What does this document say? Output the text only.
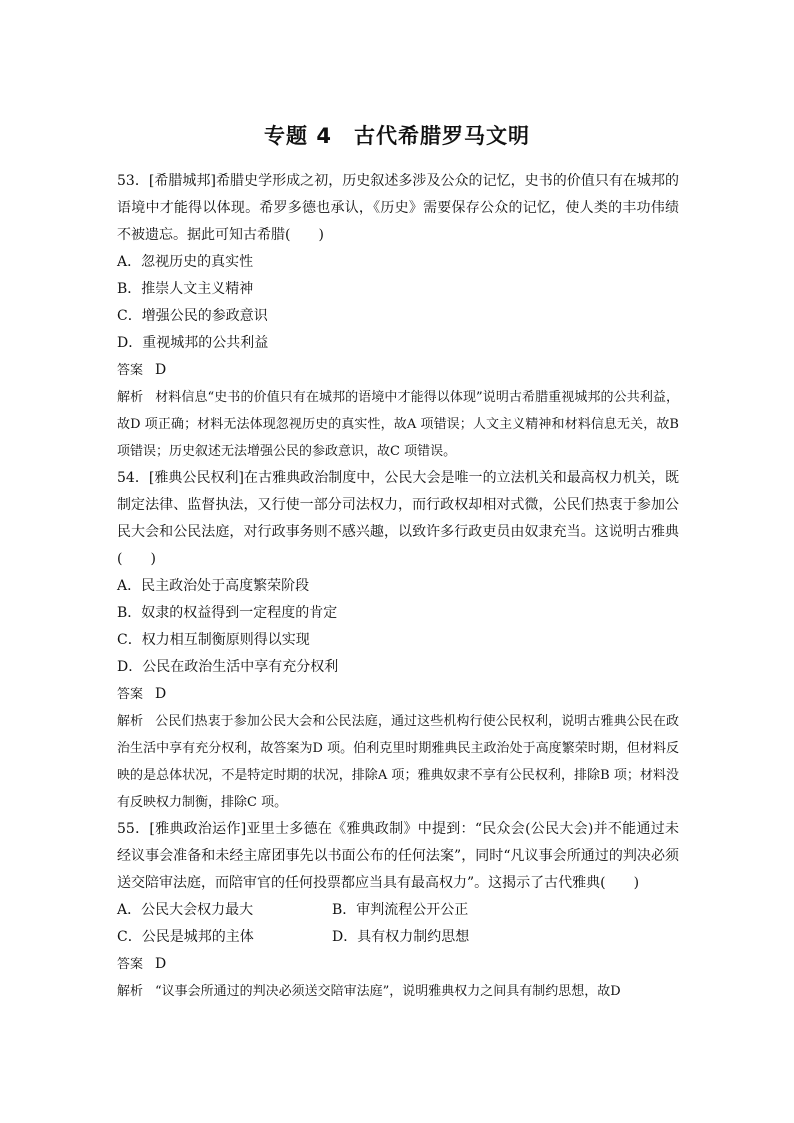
专题 4　古代希腊罗马文明

53．[希腊城邦]希腊史学形成之初，历史叙述多涉及公众的记忆，史书的价值只有在城邦的语境中才能得以体现。希罗多德也承认，《历史》需要保存公众的记忆，使人类的丰功伟绩不被遗忘。据此可知古希腊(　　)

A．忽视历史的真实性

B．推崇人文主义精神

C．增强公民的参政意识

D．重视城邦的公共利益

答案 D

解析 材料信息“史书的价值只有在城邦的语境中才能得以体现”说明古希腊重视城邦的公共利益，故D 项正确；材料无法体现忽视历史的真实性，故A 项错误；人文主义精神和材料信息无关，故B 项错误；历史叙述无法增强公民的参政意识，故C 项错误。

54．[雅典公民权利]在古雅典政治制度中，公民大会是唯一的立法机关和最高权力机关，既制定法律、监督执法，又行使一部分司法权力，而行政权却相对式微，公民们热衷于参加公民大会和公民法庭，对行政事务则不感兴趣，以致许多行政吏员由奴隶充当。这说明古雅典(　　)

A．民主政治处于高度繁荣阶段

B．奴隶的权益得到一定程度的肯定

C．权力相互制衡原则得以实现

D．公民在政治生活中享有充分权利

答案 D

解析 公民们热衷于参加公民大会和公民法庭，通过这些机构行使公民权利，说明古雅典公民在政治生活中享有充分权利，故答案为D 项。伯利克里时期雅典民主政治处于高度繁荣时期，但材料反映的是总体状况，不是特定时期的状况，排除A 项；雅典奴隶不享有公民权利，排除B 项；材料没有反映权力制衡，排除C 项。

55．[雅典政治运作]亚里士多德在《雅典政制》中提到：“民众会(公民大会)并不能通过未经议事会准备和未经主席团事先以书面公布的任何法案”，同时“凡议事会所通过的判决必须送交陪审法庭，而陪审官的任何投票都应当具有最高权力”。这揭示了古代雅典(　　)

A．公民大会权力最大	B．审判流程公开公正
C．公民是城邦的主体	D．具有权力制约思想

答案 D

解析 “议事会所通过的判决必须送交陪审法庭”，说明雅典权力之间具有制约思想，故D
